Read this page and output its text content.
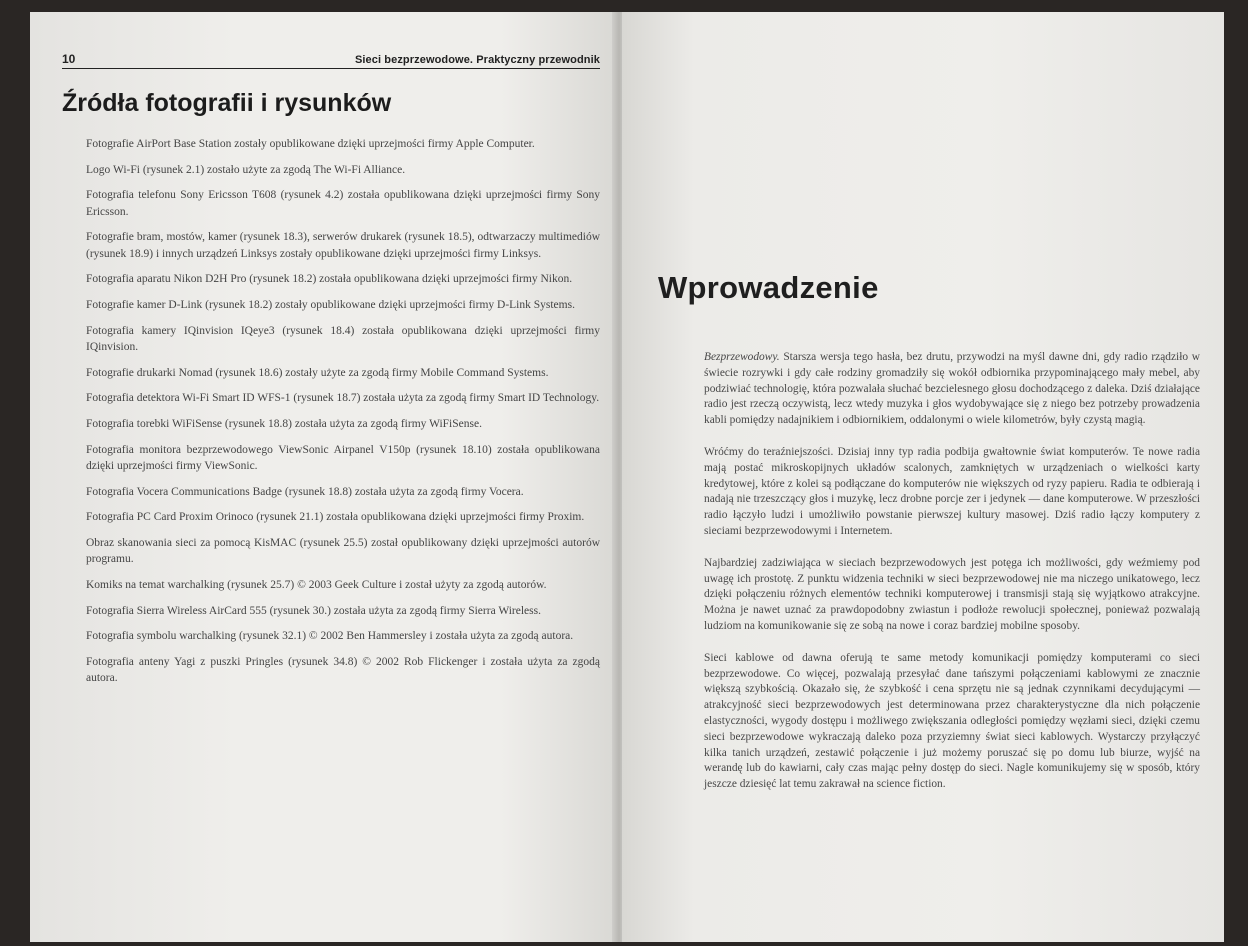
10	Sieci bezprzewodowe. Praktyczny przewodnik
Źródła fotografii i rysunków

Fotografie AirPort Base Station zostały opublikowane dzięki uprzejmości firmy Apple Computer.

Logo Wi-Fi (rysunek 2.1) zostało użyte za zgodą The Wi-Fi Alliance.

Fotografia telefonu Sony Ericsson T608 (rysunek 4.2) została opublikowana dzięki uprzejmości firmy Sony Ericsson.

Fotografie bram, mostów, kamer (rysunek 18.3), serwerów drukarek (rysunek 18.5), odtwarzaczy multimediów (rysunek 18.9) i innych urządzeń Linksys zostały opublikowane dzięki uprzejmości firmy Linksys.

Fotografia aparatu Nikon D2H Pro (rysunek 18.2) została opublikowana dzięki uprzejmości firmy Nikon.

Fotografie kamer D-Link (rysunek 18.2) zostały opublikowane dzięki uprzejmości firmy D-Link Systems.

Fotografia kamery IQinvision IQeye3 (rysunek 18.4) została opublikowana dzięki uprzejmości firmy IQinvision.

Fotografie drukarki Nomad (rysunek 18.6) zostały użyte za zgodą firmy Mobile Command Systems.

Fotografia detektora Wi-Fi Smart ID WFS-1 (rysunek 18.7) została użyta za zgodą firmy Smart ID Technology.

Fotografia torebki WiFiSense (rysunek 18.8) została użyta za zgodą firmy WiFiSense.

Fotografia monitora bezprzewodowego ViewSonic Airpanel V150p (rysunek 18.10) została opublikowana dzięki uprzejmości firmy ViewSonic.

Fotografia Vocera Communications Badge (rysunek 18.8) została użyta za zgodą firmy Vocera.

Fotografia PC Card Proxim Orinoco (rysunek 21.1) została opublikowana dzięki uprzejmości firmy Proxim.

Obraz skanowania sieci za pomocą KisMAC (rysunek 25.5) został opublikowany dzięki uprzejmości autorów programu.

Komiks na temat warchalking (rysunek 25.7) © 2003 Geek Culture i został użyty za zgodą autorów.

Fotografia Sierra Wireless AirCard 555 (rysunek 30.) została użyta za zgodą firmy Sierra Wireless.

Fotografia symbolu warchalking (rysunek 32.1) © 2002 Ben Hammersley i została użyta za zgodą autora.

Fotografia anteny Yagi z puszki Pringles (rysunek 34.8) © 2002 Rob Flickenger i została użyta za zgodą autora.

Wprowadzenie

Bezprzewodowy. Starsza wersja tego hasła, bez drutu, przywodzi na myśl dawne dni, gdy radio rządziło w świecie rozrywki i gdy całe rodziny gromadziły się wokół odbiornika przypominającego mały mebel, aby podziwiać technologię, która pozwalała słuchać bezcielesnego głosu dochodzącego z daleka. Dziś działające radio jest rzeczą oczywistą, lecz wtedy muzyka i głos wydobywające się z niego bez potrzeby prowadzenia kabli pomiędzy nadajnikiem i odbiornikiem, oddalonymi o wiele kilometrów, były czystą magią.

Wróćmy do teraźniejszości. Dzisiaj inny typ radia podbija gwałtownie świat komputerów. Te nowe radia mają postać mikroskopijnych układów scalonych, zamkniętych w urządzeniach o wielkości karty kredytowej, które z kolei są podłączane do komputerów nie większych od ryzy papieru. Radia te odbierają i nadają nie trzeszczący głos i muzykę, lecz drobne porcje zer i jedynek — dane komputerowe. W przeszłości radio łączyło ludzi i umożliwiło powstanie pierwszej kultury masowej. Dziś radio łączy komputery z sieciami bezprzewodowymi i Internetem.

Najbardziej zadziwiająca w sieciach bezprzewodowych jest potęga ich możliwości, gdy weźmiemy pod uwagę ich prostotę. Z punktu widzenia techniki w sieci bezprzewodowej nie ma niczego unikatowego, lecz dzięki połączeniu różnych elementów techniki komputerowej i transmisji stają się wyjątkowo atrakcyjne. Można je nawet uznać za prawdopodobny zwiastun i podłoże rewolucji społecznej, ponieważ pozwalają ludziom na komunikowanie się ze sobą na nowe i coraz bardziej mobilne sposoby.

Sieci kablowe od dawna oferują te same metody komunikacji pomiędzy komputerami co sieci bezprzewodowe. Co więcej, pozwalają przesyłać dane tańszymi połączeniami kablowymi ze znacznie większą szybkością. Okazało się, że szybkość i cena sprzętu nie są jednak czynnikami decydującymi — atrakcyjność sieci bezprzewodowych jest determinowana przez charakterystyczne dla nich połączenie elastyczności, wygody dostępu i możliwego zwiększania odległości pomiędzy węzłami sieci, dzięki czemu sieci bezprzewodowe wykraczają daleko poza przyziemny świat sieci kablowych. Wystarczy przyłączyć kilka tanich urządzeń, zestawić połączenie i już możemy poruszać się po domu lub biurze, wyjść na werandę lub do kawiarni, cały czas mając pełny dostęp do sieci. Nagle komunikujemy się w sposób, który jeszcze dziesięć lat temu zakrawał na science fiction.
